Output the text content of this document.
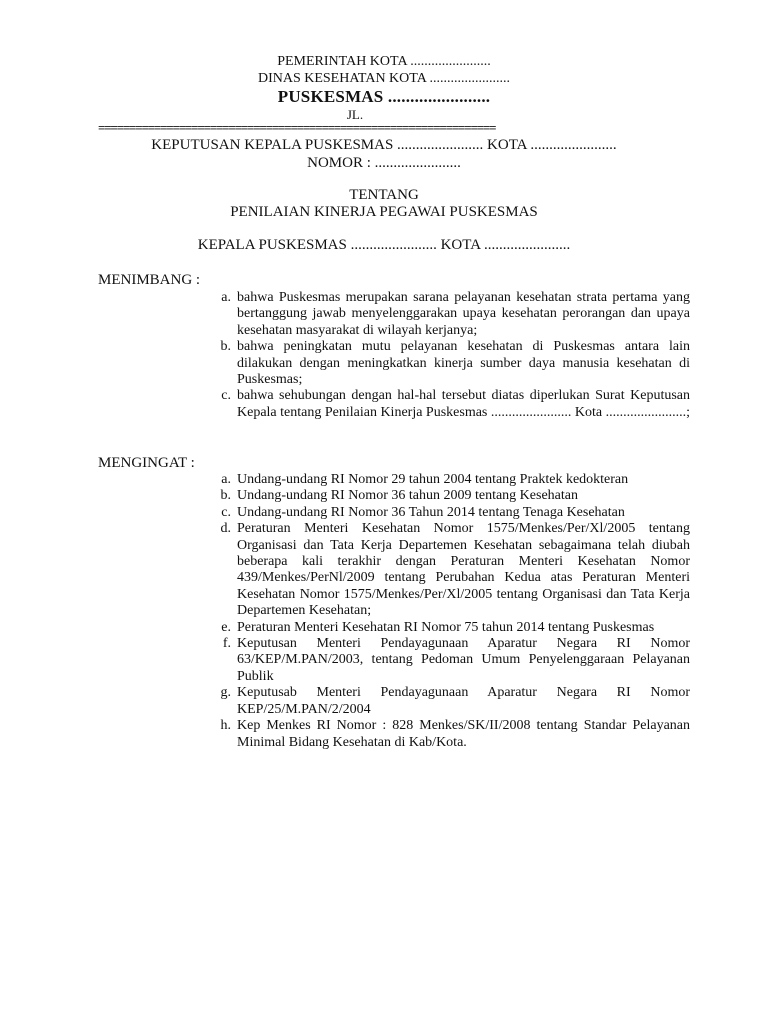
PEMERINTAH KOTA .......................
DINAS KESEHATAN KOTA .......................
PUSKESMAS .......................
JL.
================================================================
KEPUTUSAN KEPALA PUSKESMAS ....................... KOTA .......................
NOMOR : .......................
TENTANG
PENILAIAN KINERJA PEGAWAI PUSKESMAS
KEPALA PUSKESMAS ....................... KOTA .......................
MENIMBANG :
a. bahwa Puskesmas merupakan sarana pelayanan kesehatan strata pertama yang bertanggung jawab menyelenggarakan upaya kesehatan perorangan dan upaya kesehatan masyarakat di wilayah kerjanya;
b. bahwa peningkatan mutu pelayanan kesehatan di Puskesmas antara lain dilakukan dengan meningkatkan kinerja sumber daya manusia kesehatan di Puskesmas;
c. bahwa sehubungan dengan hal-hal tersebut diatas diperlukan Surat Keputusan Kepala tentang Penilaian Kinerja Puskesmas ....................... Kota .......................;
MENGINGAT :
a. Undang-undang RI Nomor 29 tahun 2004 tentang Praktek kedokteran
b. Undang-undang RI Nomor 36 tahun 2009 tentang Kesehatan
c. Undang-undang RI Nomor 36 Tahun 2014 tentang Tenaga Kesehatan
d. Peraturan Menteri Kesehatan Nomor 1575/Menkes/Per/Xl/2005 tentang Organisasi dan Tata Kerja Departemen Kesehatan sebagaimana telah diubah beberapa kali terakhir dengan Peraturan Menteri Kesehatan Nomor 439/Menkes/PerNl/2009 tentang Perubahan Kedua atas Peraturan Menteri Kesehatan Nomor 1575/Menkes/Per/Xl/2005 tentang Organisasi dan Tata Kerja Departemen Kesehatan;
e. Peraturan Menteri Kesehatan RI Nomor 75 tahun 2014 tentang Puskesmas
f. Keputusan Menteri Pendayagunaan Aparatur Negara RI Nomor 63/KEP/M.PAN/2003, tentang Pedoman Umum Penyelenggaraan Pelayanan Publik
g. Keputusab Menteri Pendayagunaan Aparatur Negara RI Nomor KEP/25/M.PAN/2/2004
h. Kep Menkes RI Nomor : 828 Menkes/SK/II/2008 tentang Standar Pelayanan Minimal Bidang Kesehatan di Kab/Kota.
